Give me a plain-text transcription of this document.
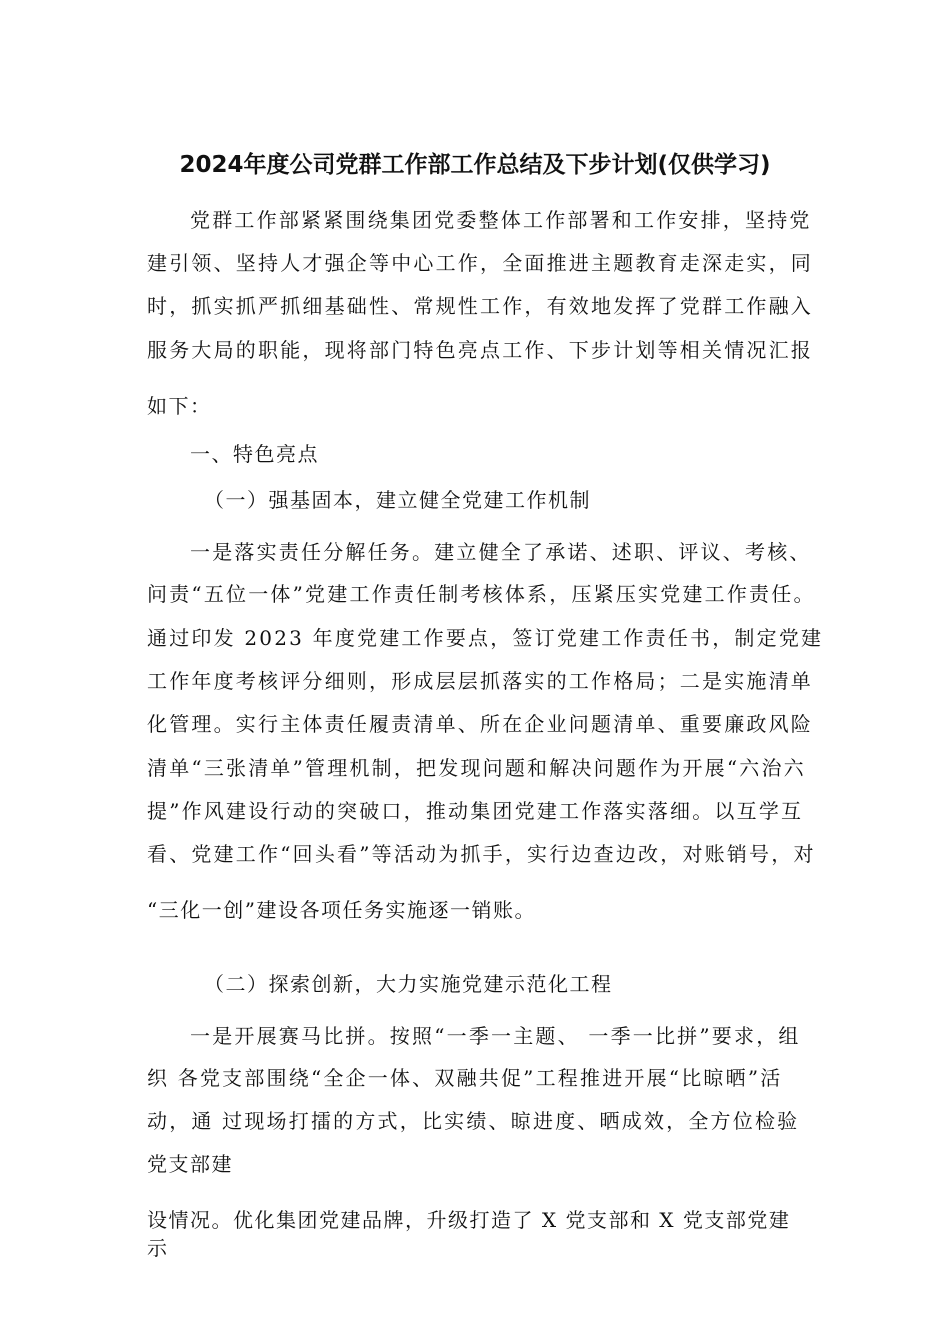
2024年度公司党群工作部工作总结及下步计划(仅供学习)
党群工作部紧紧围绕集团党委整体工作部署和工作安排，坚持党
建引领、坚持人才强企等中心工作，全面推进主题教育走深走实，同
时，抓实抓严抓细基础性、常规性工作，有效地发挥了党群工作融入
服务大局的职能，现将部门特色亮点工作、下步计划等相关情况汇报
如下：
一、特色亮点
（一）强基固本，建立健全党建工作机制
一是落实责任分解任务。建立健全了承诺、述职、评议、考核、
问责“五位一体”党建工作责任制考核体系，压紧压实党建工作责任。
通过印发 2023 年度党建工作要点，签订党建工作责任书，制定党建
工作年度考核评分细则，形成层层抓落实的工作格局；二是实施清单
化管理。实行主体责任履责清单、所在企业问题清单、重要廉政风险
清单“三张清单”管理机制，把发现问题和解决问题作为开展“六治六
提”作风建设行动的突破口，推动集团党建工作落实落细。以互学互
看、党建工作“回头看”等活动为抓手，实行边查边改，对账销号，对
“三化一创”建设各项任务实施逐一销账。
（二）探索创新，大力实施党建示范化工程
一是开展赛马比拼。按照“一季一主题、 一季一比拼”要求，组
织 各党支部围绕“全企一体、双融共促”工程推进开展“比晾晒”活
动，通 过现场打擂的方式，比实绩、晾进度、晒成效，全方位检验
党支部建
设情况。优化集团党建品牌，升级打造了 X 党支部和 X 党支部党建
示
